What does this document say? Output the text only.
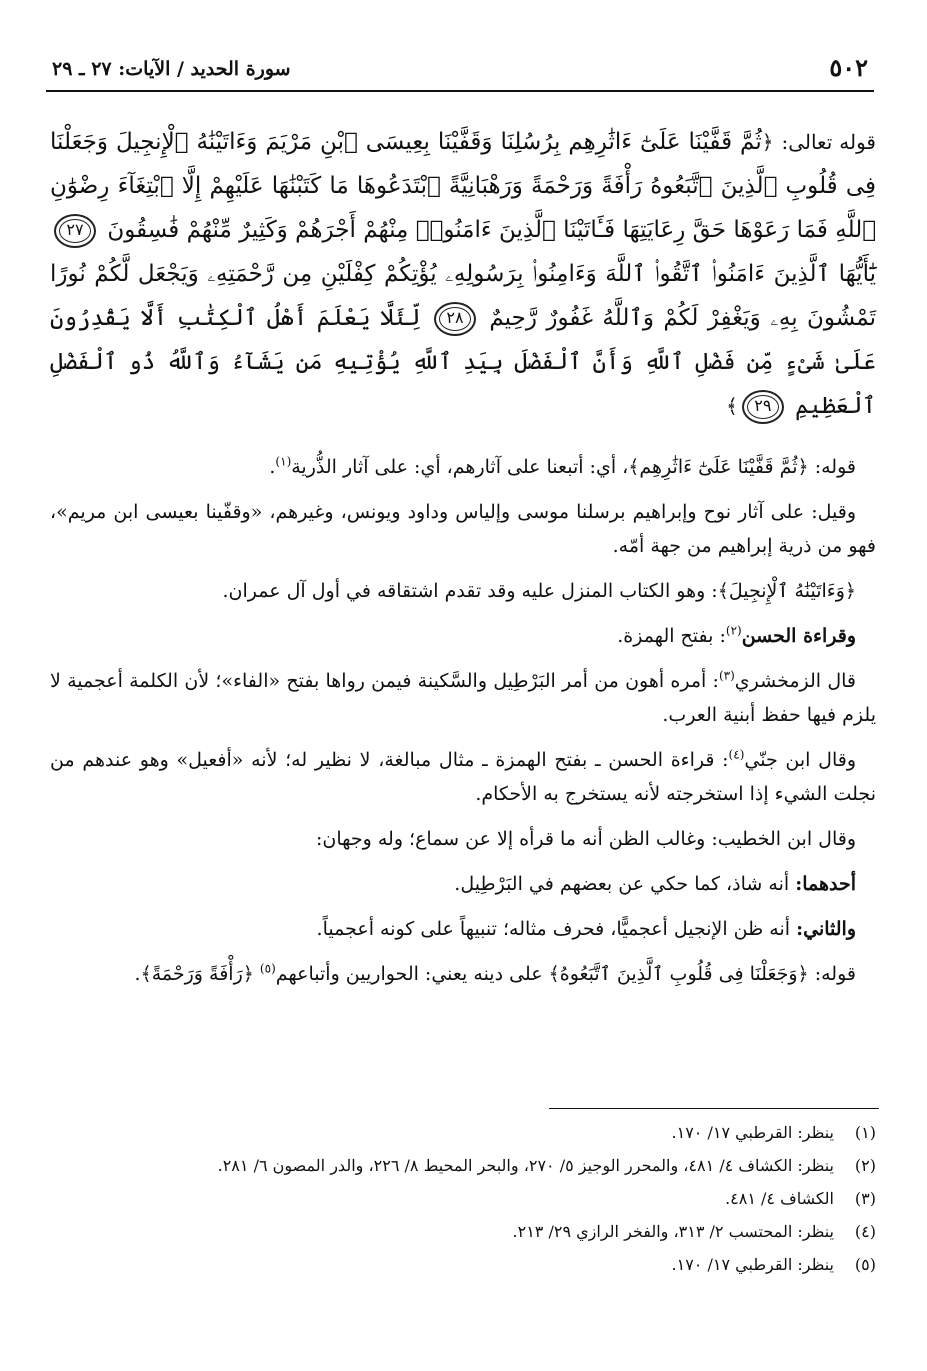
٥٠٢
سورة الحديد / الآيات: ٢٧ ـ ٢٩
قوله تعالى: ﴿ثُمَّ قَفَّيْنَا عَلَىٰٓ ءَاثَٰرِهِم بِرُسُلِنَا وَقَفَّيْنَا بِعِيسَى ٱبْنِ مَرْيَمَ وَءَاتَيْنَٰهُ ٱلْإِنجِيلَ وَجَعَلْنَا فِى قُلُوبِ ٱلَّذِينَ ٱتَّبَعُوهُ رَأْفَةً وَرَحْمَةً وَرَهْبَانِيَّةً ٱبْتَدَعُوهَا مَا كَتَبْنَٰهَا عَلَيْهِمْ إِلَّا ٱبْتِغَآءَ رِضْوَٰنِ ٱللَّهِ فَمَا رَعَوْهَا حَقَّ رِعَايَتِهَا فَـَٔاتَيْنَا ٱلَّذِينَ ءَامَنُوا۟ مِنْهُمْ أَجْرَهُمْ وَكَثِيرٌ مِّنْهُمْ فَٰسِقُونَ ٢٧ يَٰٓأَيُّهَا ٱلَّذِينَ ءَامَنُوا۟ ٱتَّقُوا۟ ٱللَّهَ وَءَامِنُوا۟ بِرَسُولِهِۦ يُؤْتِكُمْ كِفْلَيْنِ مِن رَّحْمَتِهِۦ وَيَجْعَل لَّكُمْ نُورًا تَمْشُونَ بِهِۦ وَيَغْفِرْ لَكُمْ وَٱللَّهُ غَفُورٌ رَّحِيمٌ ٢٨ لِّئَلَّا يَعْلَمَ أَهْلُ ٱلْكِتَٰبِ أَلَّا يَقْدِرُونَ عَلَىٰ شَىْءٍ مِّن فَضْلِ ٱللَّهِ وَأَنَّ ٱلْفَضْلَ بِيَدِ ٱللَّهِ يُؤْتِيهِ مَن يَشَآءُ وَٱللَّهُ ذُو ٱلْفَضْلِ ٱلْعَظِيمِ ٢٩﴾

قوله: ﴿ثُمَّ قَفَّيْنَا عَلَىٰٓ ءَاثَٰرِهِم﴾، أي: أتبعنا على آثارهم، أي: على آثار الذُّرية$^{(١)}$.

وقيل: على آثار نوح وإبراهيم برسلنا موسى وإلياس وداود ويونس، وغيرهم، «وقفّينا بعيسى ابن مريم»، فهو من ذرية إبراهيم من جهة أمّه.

﴿وَءَاتَيْنَٰهُ ٱلْإِنجِيلَ﴾: وهو الكتاب المنزل عليه وقد تقدم اشتقاقه في أول آل عمران.

وقراءة الحسن$^{(٢)}$: بفتح الهمزة.

قال الزمخشري$^{(٣)}$: أمره أهون من أمر البَرْطِيل والسَّكينة فيمن رواها بفتح «الفاء»؛ لأن الكلمة أعجمية لا يلزم فيها حفظ أبنية العرب.

وقال ابن جنّي$^{(٤)}$: قراءة الحسن ـ بفتح الهمزة ـ مثال مبالغة، لا نظير له؛ لأنه «أفعيل» وهو عندهم من نجلت الشيء إذا استخرجته لأنه يستخرج به الأحكام.

وقال ابن الخطيب: وغالب الظن أنه ما قرأه إلا عن سماع؛ وله وجهان:

أحدهما: أنه شاذ، كما حكي عن بعضهم في البَرْطِيل.

والثاني: أنه ظن الإنجيل أعجميًّا، فحرف مثاله؛ تنبيهاً على كونه أعجمياً.

قوله: ﴿وَجَعَلْنَا فِى قُلُوبِ ٱلَّذِينَ ٱتَّبَعُوهُ﴾ على دينه يعني: الحواريين وأتباعهم$^{(٥)}$ ﴿رَأْفَةً وَرَحْمَةً﴾.

(١)
ينظر: القرطبي ١٧/ ١٧٠.
(٢)
ينظر: الكشاف ٤/ ٤٨١، والمحرر الوجيز ٥/ ٢٧٠، والبحر المحيط ٨/ ٢٢٦، والدر المصون ٦/ ٢٨١.
(٣)
الكشاف ٤/ ٤٨١.
(٤)
ينظر: المحتسب ٢/ ٣١٣، والفخر الرازي ٢٩/ ٢١٣.
(٥)
ينظر: القرطبي ١٧/ ١٧٠.
